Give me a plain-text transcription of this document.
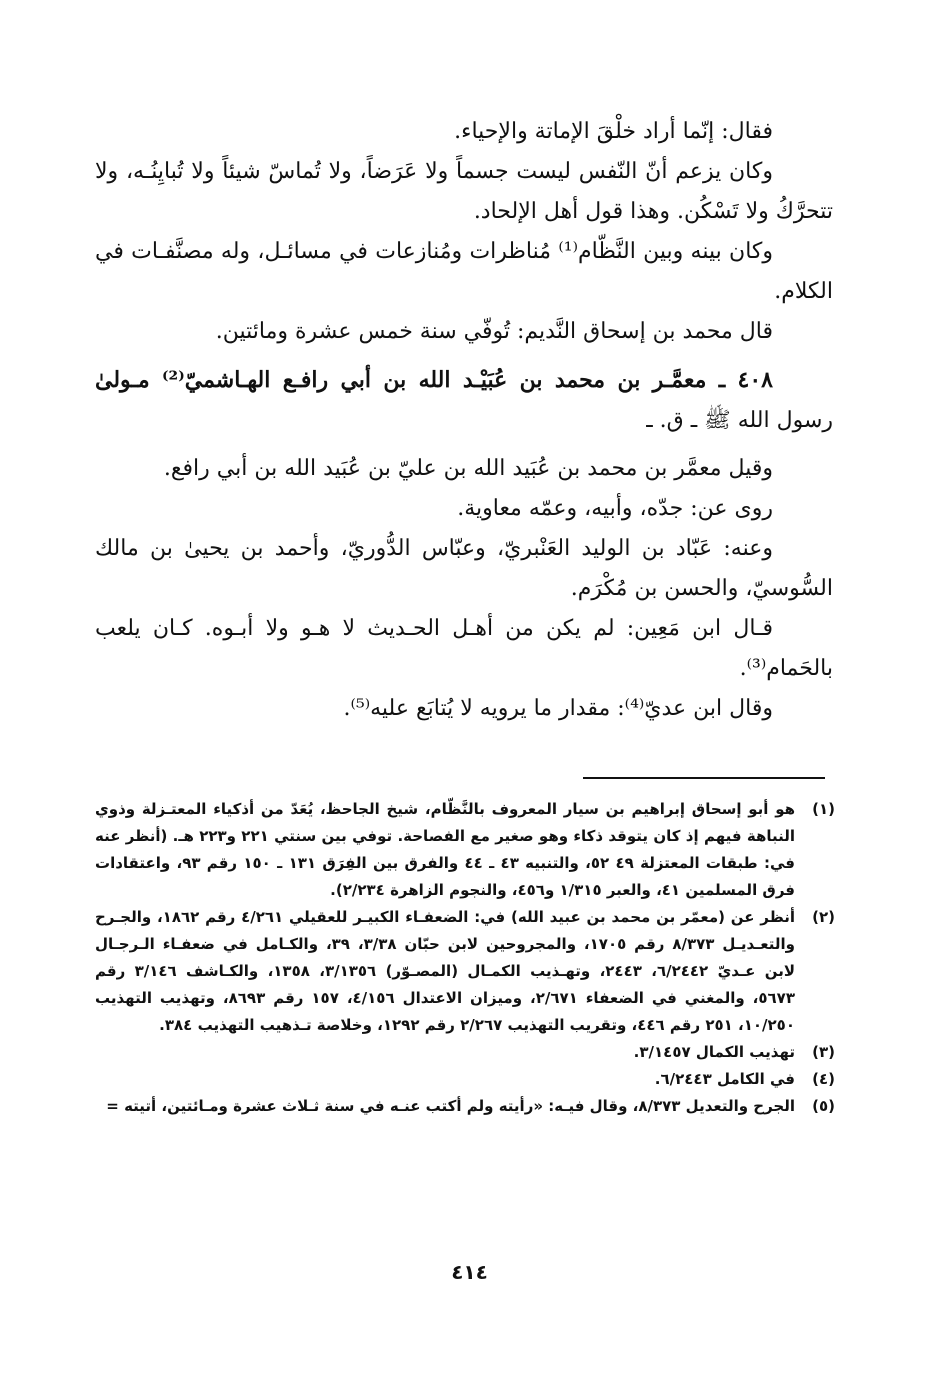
فقال: إنّما أراد خلْقَ الإماتة والإحياء.

وكان يزعم أنّ النّفس ليست جسماً ولا عَرَضاً، ولا تُماسّ شيئاً ولا تُبايِنُـه، ولا تتحرَّكُ ولا تَسْكُن. وهذا قول أهل الإلحاد.

وكان بينه وبين النَّظّام⁽¹⁾ مُناظرات ومُنازعات في مسائـل، وله مصنَّفـات في الكلام.

قال محمد بن إسحاق النَّديم: تُوفّي سنة خمس عشرة ومائتين.

٤٠٨ ـ معمَّـر بن محمد بن عُبَيْـد الله بن أبي رافـع الهـاشميّ⁽²⁾ مـولىٰ رسول الله ﷺ ـ ق. ـ

وقيل معمَّر بن محمد بن عُبَيد الله بن عليّ بن عُبَيد الله بن أبي رافع.

روى عن: جدّه، وأبيه، وعمّه معاوية.

وعنه: عَبّاد بن الوليد العَنْبريّ، وعبّاس الدُّوريّ، وأحمد بن يحيىٰ بن مالك السُّوسيّ، والحسن بن مُكْرَم.

قـال ابن مَعِين: لم يكن من أهـل الحـديث لا هـو ولا أبـوه. كـان يلعب بالحَمام⁽³⁾.

وقال ابن عديّ⁽⁴⁾: مقدار ما يرويه لا يُتابَع عليه⁽⁵⁾.

(١)
هو أبو إسحاق إبراهيم بن سيار المعروف بالنَّظّام، شيخ الجاحظ، يُعَدّ من أذكياء المعتـزلة وذوي النباهة فيهم إذ كان يتوقد ذكاء وهو صغير مع الفصاحة. توفي بين سنتي ٢٢١ و٢٢٣ هـ. (أنظر عنه في: طبقات المعتزلة ٤٩ ٥٢، والتنبيه ٤٣ ـ ٤٤ والفرق بين الفِرَق ١٣١ ـ ١٥٠ رقم ٩٣، واعتقادات فرق المسلمين ٤١، والعبر ١/٣١٥ و٤٥٦، والنجوم الزاهرة ٢/٢٣٤).
(٢)
أنظر عن (معمّر بن محمد بن عبيد الله) في: الضعفـاء الكبيـر للعقيلي ٤/٢٦١ رقم ١٨٦٢، والجـرح والتعـديـل ٨/٣٧٣ رقم ١٧٠٥، والمجروحين لابن حبّان ٣/٣٨، ٣٩، والكـامل في ضعفـاء الـرجـال لابن عـديّ ٦/٢٤٤٢، ٢٤٤٣، وتهـذيب الكمـال (المصـوّر) ٣/١٣٥٦، ١٣٥٨، والكـاشف ٣/١٤٦ رقم ٥٦٧٣، والمغني في الضعفاء ٢/٦٧١، وميزان الاعتدال ٤/١٥٦، ١٥٧ رقم ٨٦٩٣، وتهذيب التهذيب ١٠/٢٥٠، ٢٥١ رقم ٤٤٦، وتقريب التهذيب ٢/٢٦٧ رقم ١٢٩٢، وخلاصة تـذهيب التهذيب ٣٨٤.
(٣)
تهذيب الكمال ٣/١٤٥٧.
(٤)
في الكامل ٦/٢٤٤٣.
(٥)
الجرح والتعديل ٨/٣٧٣، وقال فيـه: «رأيته ولم أكتب عنـه في سنة ثـلاث عشرة ومـائتين، أتيته =
٤١٤
